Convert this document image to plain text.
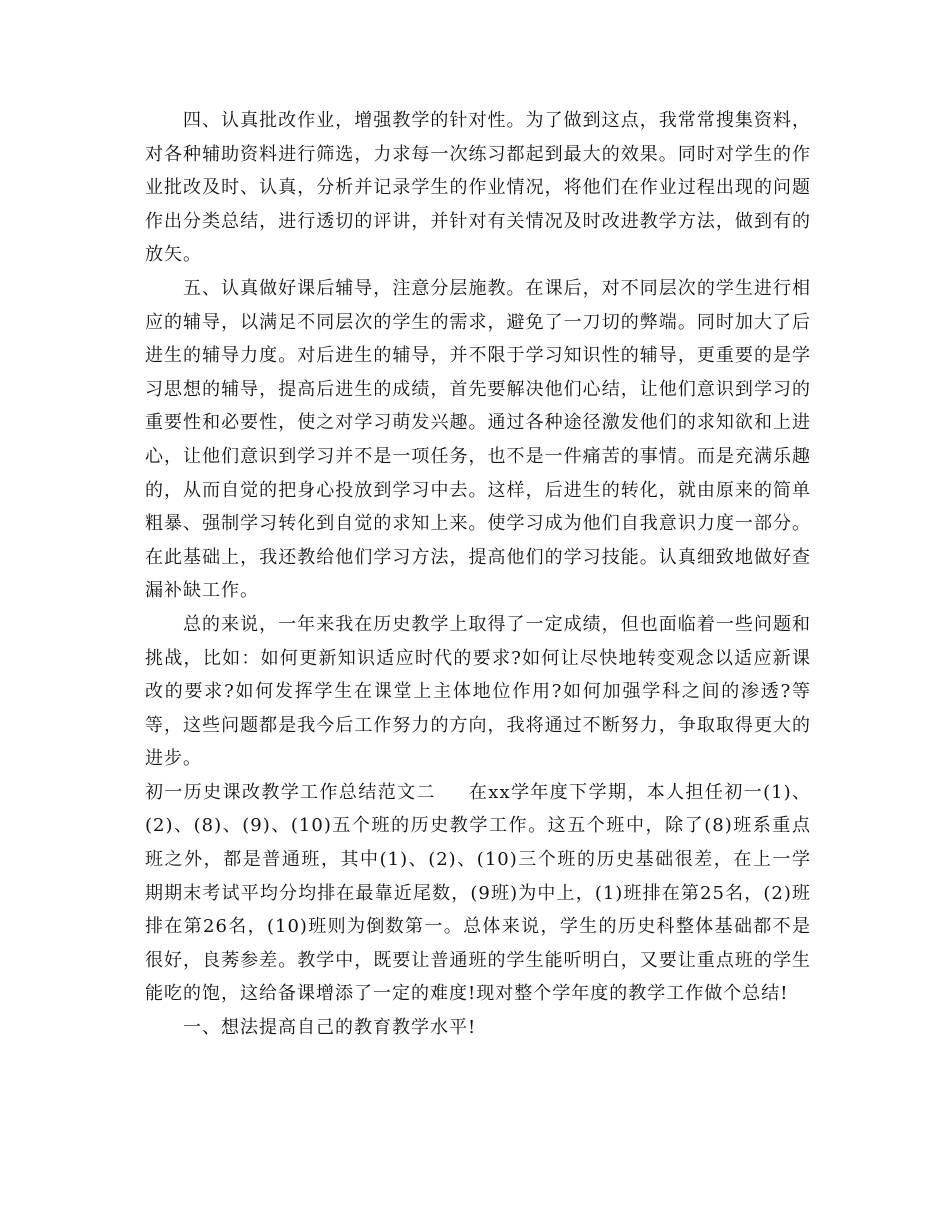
四、认真批改作业，增强教学的针对性。为了做到这点，我常常搜集资料，对各种辅助资料进行筛选，力求每一次练习都起到最大的效果。同时对学生的作业批改及时、认真，分析并记录学生的作业情况，将他们在作业过程出现的问题作出分类总结，进行透切的评讲，并针对有关情况及时改进教学方法，做到有的放矢。

五、认真做好课后辅导，注意分层施教。在课后，对不同层次的学生进行相应的辅导，以满足不同层次的学生的需求，避免了一刀切的弊端。同时加大了后进生的辅导力度。对后进生的辅导，并不限于学习知识性的辅导，更重要的是学习思想的辅导，提高后进生的成绩，首先要解决他们心结，让他们意识到学习的重要性和必要性，使之对学习萌发兴趣。通过各种途径激发他们的求知欲和上进心，让他们意识到学习并不是一项任务，也不是一件痛苦的事情。而是充满乐趣的，从而自觉的把身心投放到学习中去。这样，后进生的转化，就由原来的简单粗暴、强制学习转化到自觉的求知上来。使学习成为他们自我意识力度一部分。在此基础上，我还教给他们学习方法，提高他们的学习技能。认真细致地做好查漏补缺工作。

总的来说，一年来我在历史教学上取得了一定成绩，但也面临着一些问题和挑战，比如：如何更新知识适应时代的要求?如何让尽快地转变观念以适应新课改的要求?如何发挥学生在课堂上主体地位作用?如何加强学科之间的渗透?等等，这些问题都是我今后工作努力的方向，我将通过不断努力，争取取得更大的进步。

初一历史课改教学工作总结范文二 在xx学年度下学期，本人担任初一(1)、(2)、(8)、(9)、(10)五个班的历史教学工作。这五个班中，除了(8)班系重点班之外，都是普通班，其中(1)、(2)、(10)三个班的历史基础很差，在上一学期期末考试平均分均排在最靠近尾数，(9班)为中上，(1)班排在第25名，(2)班排在第26名，(10)班则为倒数第一。总体来说，学生的历史科整体基础都不是很好，良莠参差。教学中，既要让普通班的学生能听明白，又要让重点班的学生能吃的饱，这给备课增添了一定的难度!现对整个学年度的教学工作做个总结!

一、想法提高自己的教育教学水平!
